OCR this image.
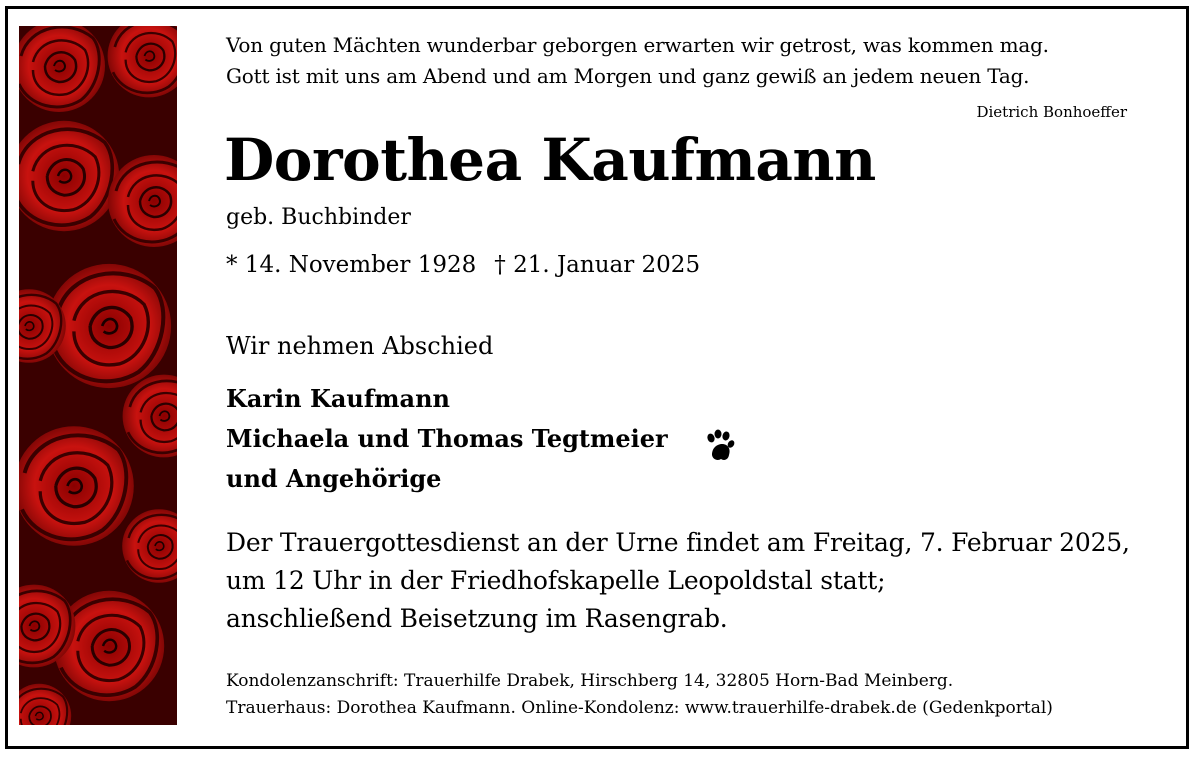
Von guten Mächten wunderbar geborgen erwarten wir getrost, was kommen mag.
Gott ist mit uns am Abend und am Morgen und ganz gewiß an jedem neuen Tag.
Dietrich Bonhoeffer
Dorothea Kaufmann
geb. Buchbinder
* 14. November 1928 † 21. Januar 2025
Wir nehmen Abschied
Karin Kaufmann
Michaela und Thomas Tegtmeier
und Angehörige
Der Trauergottesdienst an der Urne findet am Freitag, 7. Februar 2025,
um 12 Uhr in der Friedhofskapelle Leopoldstal statt;
anschließend Beisetzung im Rasengrab.
Kondolenzanschrift: Trauerhilfe Drabek, Hirschberg 14, 32805 Horn-Bad Meinberg.
Trauerhaus: Dorothea Kaufmann. Online-Kondolenz: www.trauerhilfe-drabek.de (Gedenkportal)
